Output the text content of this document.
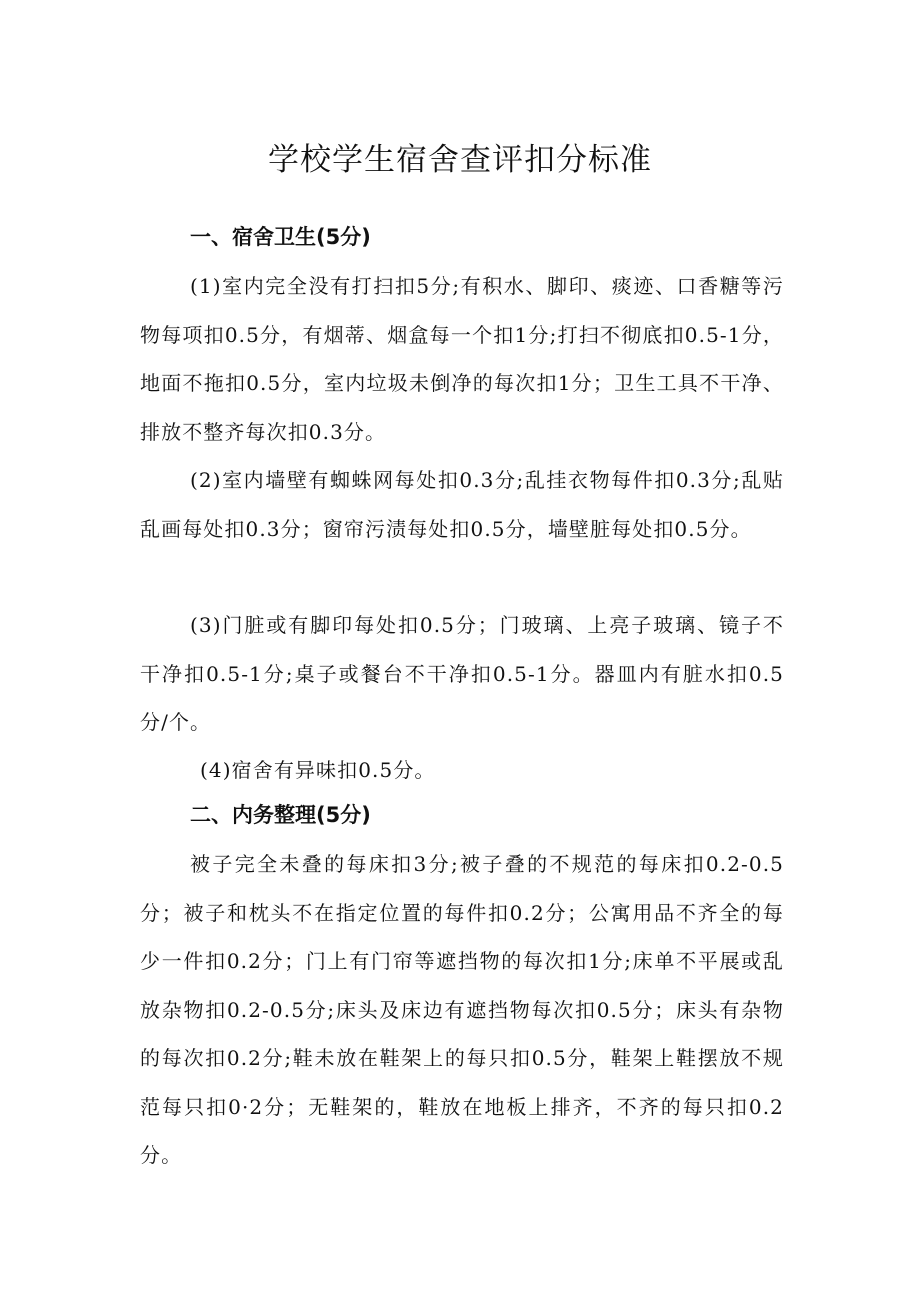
学校学生宿舍查评扣分标准
一、宿舍卫生(5分)

(1)室内完全没有打扫扣5分;有积水、脚印、痰迹、口香糖等污物每项扣0.5分，有烟蒂、烟盒每一个扣1分;打扫不彻底扣0.5-1分，地面不拖扣0.5分，室内垃圾未倒净的每次扣1分；卫生工具不干净、排放不整齐每次扣0.3分。

(2)室内墙壁有蜘蛛网每处扣0.3分;乱挂衣物每件扣0.3分;乱贴乱画每处扣0.3分；窗帘污渍每处扣0.5分，墙壁脏每处扣0.5分。

(3)门脏或有脚印每处扣0.5分；门玻璃、上亮子玻璃、镜子不干净扣0.5-1分;桌子或餐台不干净扣0.5-1分。器皿内有脏水扣0.5分/个。

(4)宿舍有异味扣0.5分。

二、内务整理(5分)

被子完全未叠的每床扣3分;被子叠的不规范的每床扣0.2-0.5分；被子和枕头不在指定位置的每件扣0.2分；公寓用品不齐全的每少一件扣0.2分；门上有门帘等遮挡物的每次扣1分;床单不平展或乱放杂物扣0.2-0.5分;床头及床边有遮挡物每次扣0.5分；床头有杂物的每次扣0.2分;鞋未放在鞋架上的每只扣0.5分，鞋架上鞋摆放不规范每只扣0·2分；无鞋架的，鞋放在地板上排齐，不齐的每只扣0.2分。
